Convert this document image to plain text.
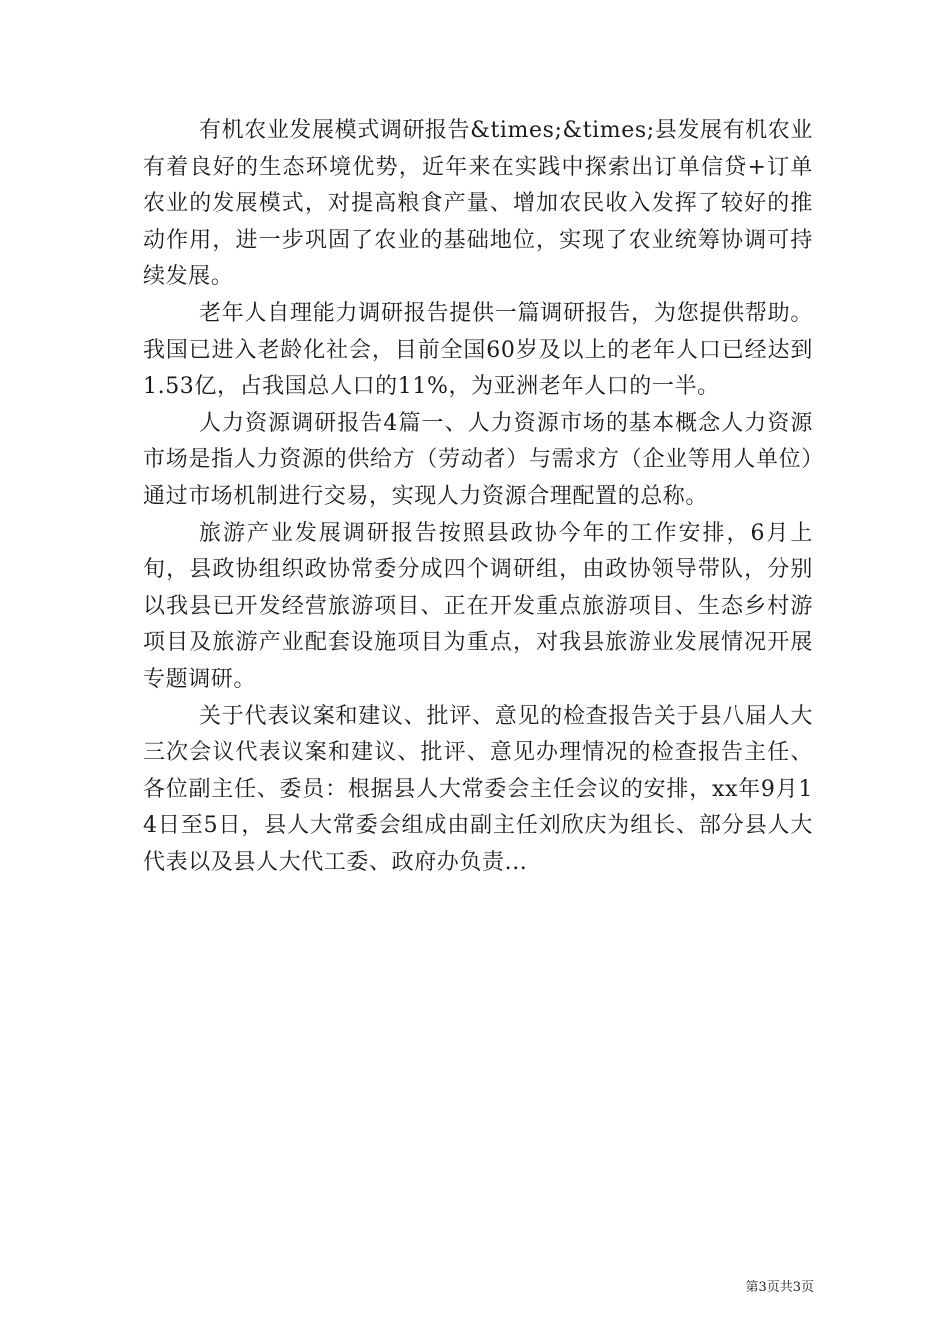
有机农业发展模式调研报告&times;&times;县发展有机农业有着良好的生态环境优势，近年来在实践中探索出订单信贷+订单农业的发展模式，对提高粮食产量、增加农民收入发挥了较好的推动作用，进一步巩固了农业的基础地位，实现了农业统筹协调可持续发展。

老年人自理能力调研报告提供一篇调研报告，为您提供帮助。我国已进入老龄化社会，目前全国60岁及以上的老年人口已经达到1.53亿，占我国总人口的11%，为亚洲老年人口的一半。

人力资源调研报告4篇一、人力资源市场的基本概念人力资源市场是指人力资源的供给方（劳动者）与需求方（企业等用人单位）通过市场机制进行交易，实现人力资源合理配置的总称。

旅游产业发展调研报告按照县政协今年的工作安排，6月上旬，县政协组织政协常委分成四个调研组，由政协领导带队，分别以我县已开发经营旅游项目、正在开发重点旅游项目、生态乡村游项目及旅游产业配套设施项目为重点，对我县旅游业发展情况开展专题调研。

关于代表议案和建议、批评、意见的检查报告关于县八届人大三次会议代表议案和建议、批评、意见办理情况的检查报告主任、各位副主任、委员：根据县人大常委会主任会议的安排，xx年9月14日至5日，县人大常委会组成由副主任刘欣庆为组长、部分县人大代表以及县人大代工委、政府办负责...

第3页共3页
